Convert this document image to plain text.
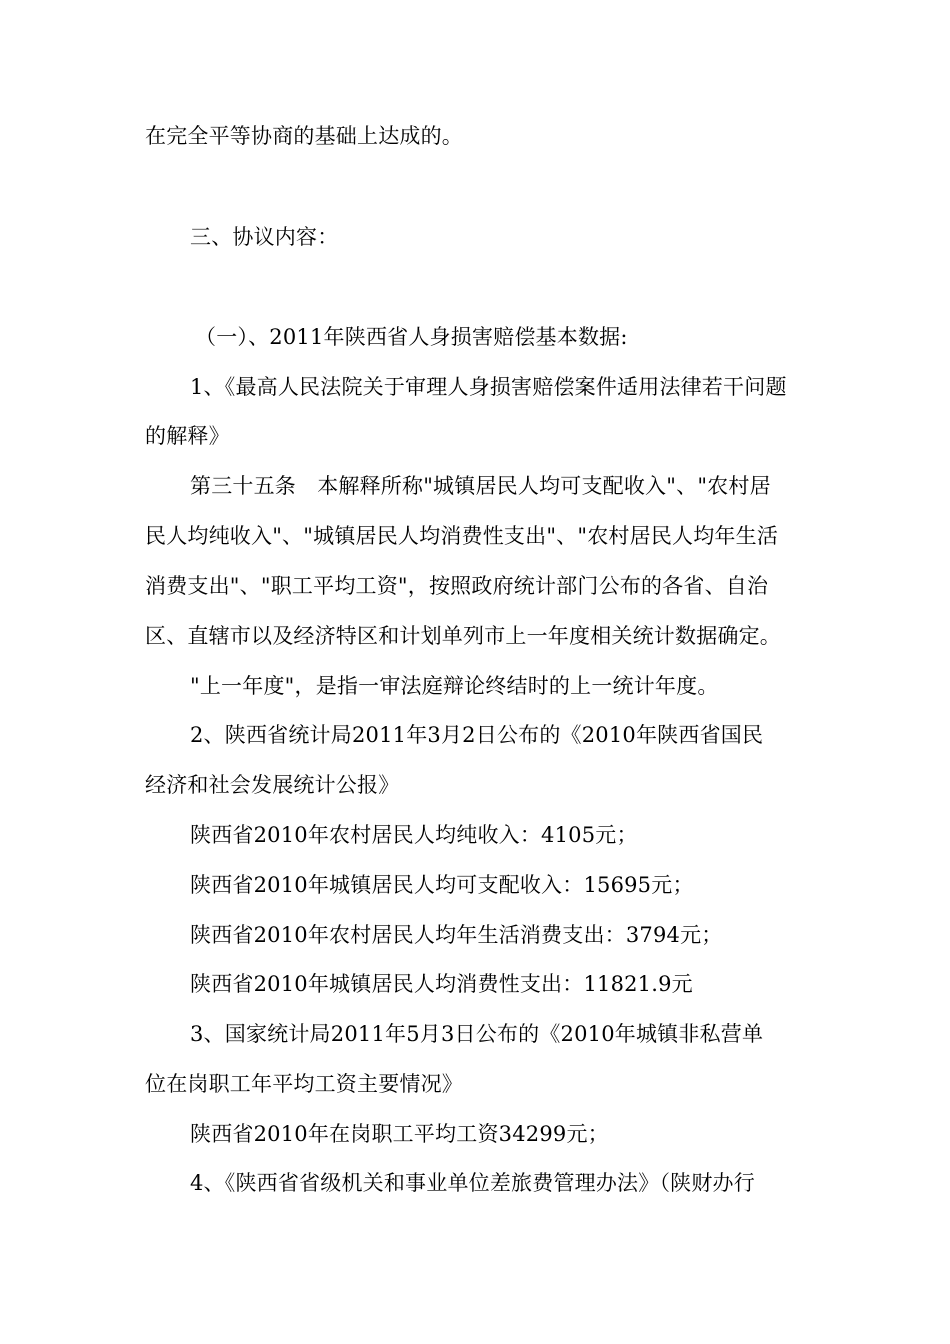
在完全平等协商的基础上达成的。
三、协议内容：
（一）、2011年陕西省人身损害赔偿基本数据:
1、《最高人民法院关于审理人身损害赔偿案件适用法律若干问题
的解释》
第三十五条　本解释所称"城镇居民人均可支配收入"、"农村居
民人均纯收入"、"城镇居民人均消费性支出"、"农村居民人均年生活
消费支出"、"职工平均工资"，按照政府统计部门公布的各省、自治
区、直辖市以及经济特区和计划单列市上一年度相关统计数据确定。
"上一年度"，是指一审法庭辩论终结时的上一统计年度。
2、陕西省统计局2011年3月2日公布的《2010年陕西省国民
经济和社会发展统计公报》
陕西省2010年农村居民人均纯收入：4105元；
陕西省2010年城镇居民人均可支配收入：15695元；
陕西省2010年农村居民人均年生活消费支出：3794元；
陕西省2010年城镇居民人均消费性支出：11821.9元
3、国家统计局2011年5月3日公布的《2010年城镇非私营单
位在岗职工年平均工资主要情况》
陕西省2010年在岗职工平均工资34299元；
4、《陕西省省级机关和事业单位差旅费管理办法》（陕财办行
